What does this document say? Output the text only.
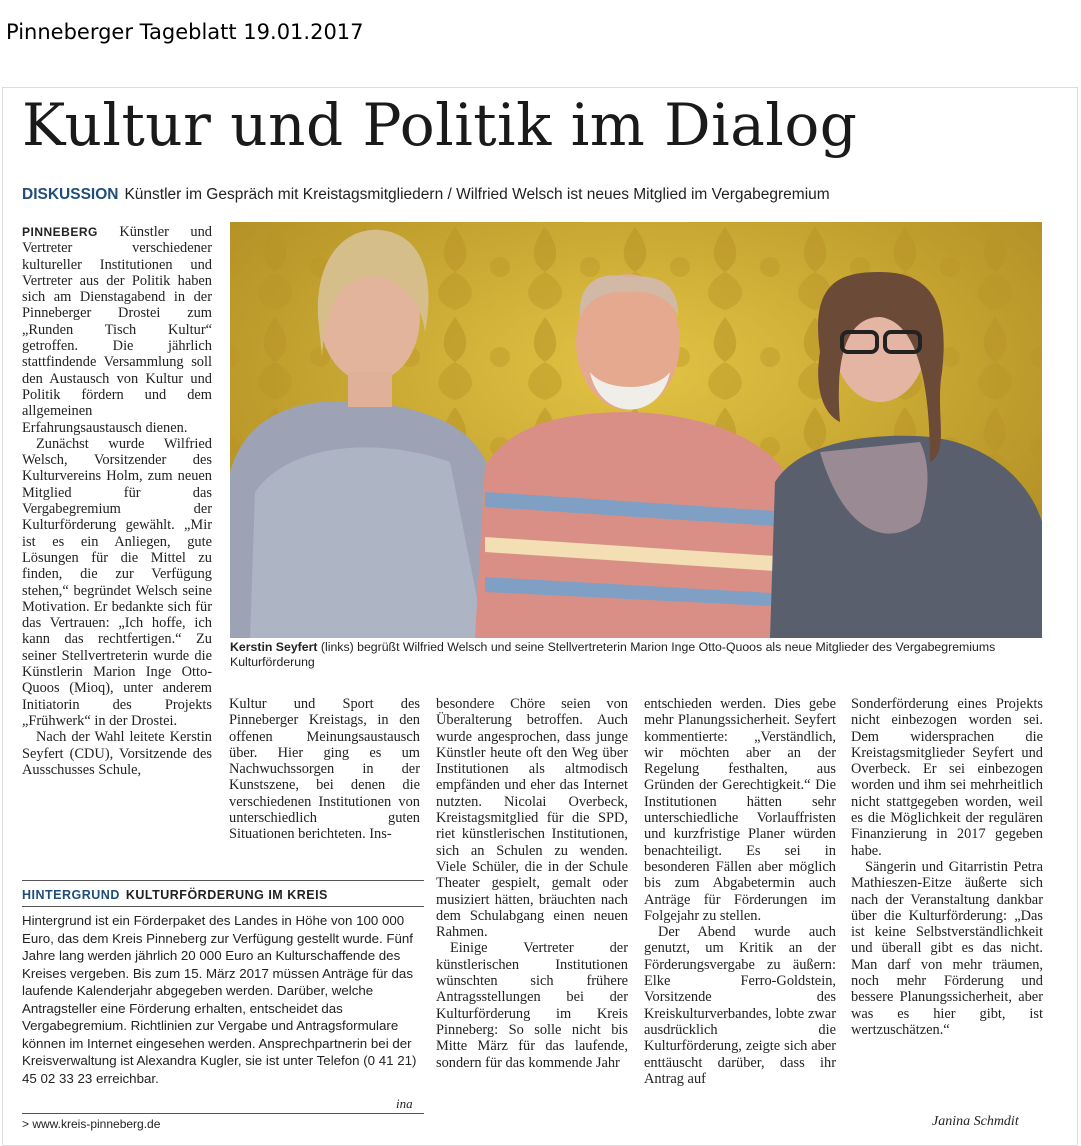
Pinneberger Tageblatt 19.01.2017
Kultur und Politik im Dialog
DISKUSSION Künstler im Gespräch mit Kreistagsmitgliedern / Wilfried Welsch ist neues Mitglied im Vergabegremium

PINNEBERG Künstler und Vertreter verschiedener kultureller Institutionen und Vertreter aus der Politik haben sich am Dienstagabend in der Pinneberger Drostei zum „Runden Tisch Kultur“ getroffen. Die jährlich stattfindende Versammlung soll den Austausch von Kultur und Politik fördern und dem allgemeinen Erfahrungsaustausch dienen.

Zunächst wurde Wilfried Welsch, Vorsitzender des Kulturvereins Holm, zum neuen Mitglied für das Vergabegremium der Kulturförderung gewählt. „Mir ist es ein Anliegen, gute Lösungen für die Mittel zu finden, die zur Verfügung stehen,“ begründet Welsch seine Motivation. Er bedankte sich für das Vertrauen: „Ich hoffe, ich kann das rechtfertigen.“ Zu seiner Stellvertreterin wurde die Künstlerin Marion Inge Otto-Quoos (Mioq), unter anderem Initiatorin des Projekts „Frühwerk“ in der Drostei.

Nach der Wahl leitete Kerstin Seyfert (CDU), Vorsitzende des Ausschusses Schule,

Kerstin Seyfert (links) begrüßt Wilfried Welsch und seine Stellvertreterin Marion Inge Otto-Quoos als neue Mitglieder des Vergabegremiums Kulturförderung

Kultur und Sport des Pinneberger Kreistags, in den offenen Meinungsaustausch über. Hier ging es um Nachwuchssorgen in der Kunstszene, bei denen die verschiedenen Institutionen von unterschiedlich guten Situationen berichteten. Ins-

besondere Chöre seien von Überalterung betroffen. Auch wurde angesprochen, dass junge Künstler heute oft den Weg über Institutionen als altmodisch empfänden und eher das Internet nutzten. Nicolai Overbeck, Kreistagsmitglied für die SPD, riet künstlerischen Institutionen, sich an Schulen zu wenden. Viele Schüler, die in der Schule Theater gespielt, gemalt oder musiziert hätten, bräuchten nach dem Schulabgang einen neuen Rahmen.

Einige Vertreter der künstlerischen Institutionen wünschten sich frühere Antragsstellungen bei der Kulturförderung im Kreis Pinneberg: So solle nicht bis Mitte März für das laufende, sondern für das kommende Jahr

entschieden werden. Dies gebe mehr Planungssicherheit. Seyfert kommentierte: „Verständlich, wir möchten aber an der Regelung festhalten, aus Gründen der Gerechtigkeit.“ Die Institutionen hätten sehr unterschiedliche Vorlauffristen und kurzfristige Planer würden benachteiligt. Es sei in besonderen Fällen aber möglich bis zum Abgabetermin auch Anträge für Förderungen im Folgejahr zu stellen.

Der Abend wurde auch genutzt, um Kritik an der Förderungsvergabe zu äußern: Elke Ferro-Goldstein, Vorsitzende des Kreiskulturverbandes, lobte zwar ausdrücklich die Kulturförderung, zeigte sich aber enttäuscht darüber, dass ihr Antrag auf

Sonderförderung eines Projekts nicht einbezogen worden sei. Dem widersprachen die Kreistagsmitglieder Seyfert und Overbeck. Er sei einbezogen worden und ihm sei mehrheitlich nicht stattgegeben worden, weil es die Möglichkeit der regulären Finanzierung in 2017 gegeben habe.

Sängerin und Gitarristin Petra Mathieszen-Eitze äußerte sich nach der Veranstaltung dankbar über die Kulturförderung: „Das ist keine Selbstverständlichkeit und überall gibt es das nicht. Man darf von mehr träumen, noch mehr Förderung und bessere Planungssicherheit, aber was es hier gibt, ist wertzuschätzen.“

HINTERGRUND KULTURFÖRDERUNG IM KREIS

Hintergrund ist ein Förderpaket des Landes in Höhe von 100 000 Euro, das dem Kreis Pinneberg zur Verfügung gestellt wurde. Fünf Jahre lang werden jährlich 20 000 Euro an Kulturschaffende des Kreises vergeben. Bis zum 15. März 2017 müssen Anträge für das laufende Kalenderjahr abgegeben werden. Darüber, welche Antragsteller eine Förderung erhalten, entscheidet das Vergabegremium. Richtlinien zur Vergabe und Antragsformulare können im Internet eingesehen werden. Ansprechpartnerin bei der Kreisverwaltung ist Alexandra Kugler, sie ist unter Telefon (0 41 21) 45 02 33 23 erreichbar.

ina
> www.kreis-pinneberg.de	Janina Schmdit
